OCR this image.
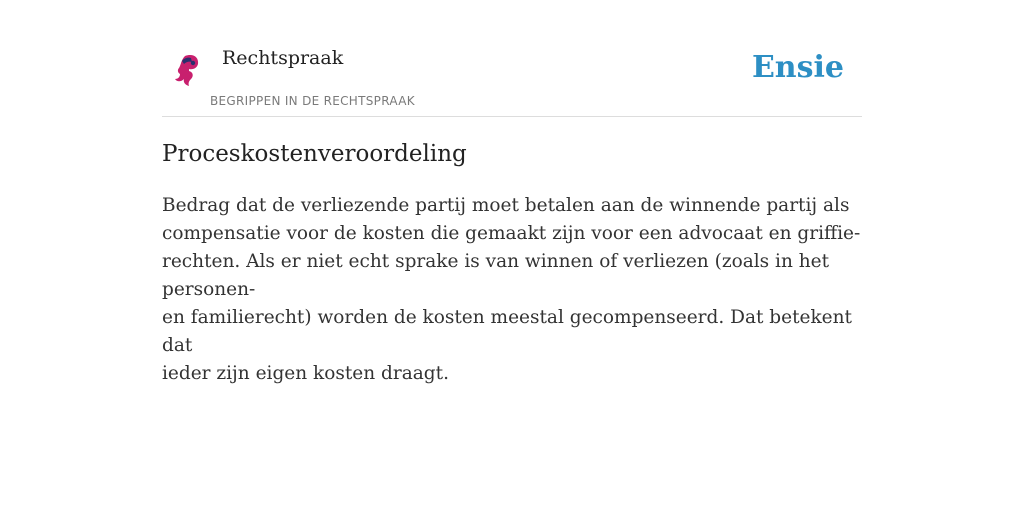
Rechtspraak
BEGRIPPEN IN DE RECHTSPRAAK
Ensie
Proceskostenveroordeling

Bedrag dat de verliezende partij moet betalen aan de winnende partij als
compensatie voor de kosten die gemaakt zijn voor een advocaat en griffie-
rechten. Als er niet echt sprake is van winnen of verliezen (zoals in het personen-
en familierecht) worden de kosten meestal gecompenseerd. Dat betekent dat
ieder zijn eigen kosten draagt.
